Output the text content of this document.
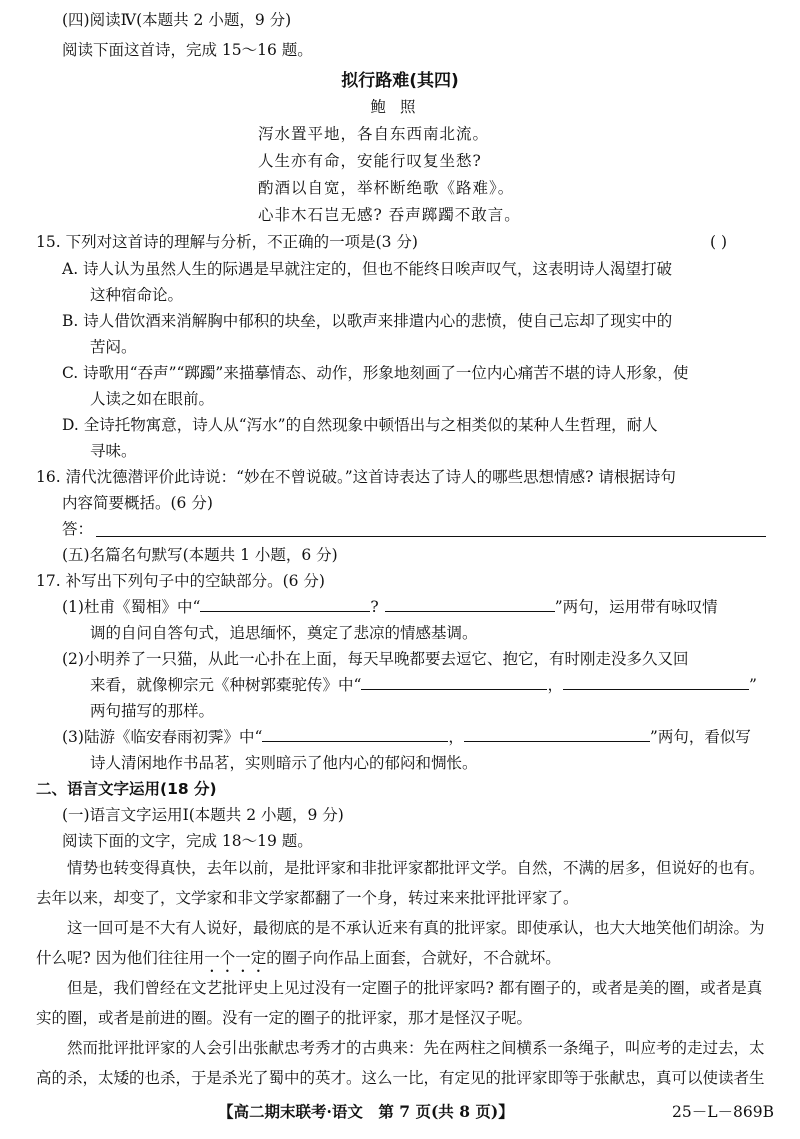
(四)阅读Ⅳ(本题共 2 小题，9 分)
阅读下面这首诗，完成 15～16 题。
拟行路难(其四)
鲍照
泻水置平地，各自东西南北流。
人生亦有命，安能行叹复坐愁?
酌酒以自宽，举杯断绝歌《路难》。
心非木石岂无感? 吞声踯躅不敢言。
15. 下列对这首诗的理解与分析，不正确的一项是(3 分)	( )
A. 诗人认为虽然人生的际遇是早就注定的，但也不能终日唉声叹气，这表明诗人渴望打破
这种宿命论。
B. 诗人借饮酒来消解胸中郁积的块垒，以歌声来排遣内心的悲愤，使自己忘却了现实中的
苦闷。
C. 诗歌用“吞声”“踯躅”来描摹情态、动作，形象地刻画了一位内心痛苦不堪的诗人形象，使
人读之如在眼前。
D. 全诗托物寓意，诗人从“泻水”的自然现象中顿悟出与之相类似的某种人生哲理，耐人
寻味。
16. 清代沈德潜评价此诗说：“妙在不曾说破。”这首诗表达了诗人的哪些思想情感? 请根据诗句
内容简要概括。(6 分)
答：
(五)名篇名句默写(本题共 1 小题，6 分)
17. 补写出下列句子中的空缺部分。(6 分)
(1)杜甫《蜀相》中“	?	”两句，运用带有咏叹情
调的自问自答句式，追思缅怀，奠定了悲凉的情感基调。
(2)小明养了一只猫，从此一心扑在上面，每天早晚都要去逗它、抱它，有时刚走没多久又回
来看，就像柳宗元《种树郭橐驼传》中“	，	”
两句描写的那样。
(3)陆游《临安春雨初霁》中“	，	”两句，看似写
诗人清闲地作书品茗，实则暗示了他内心的郁闷和惆怅。
二、语言文字运用(18 分)
(一)语言文字运用Ⅰ(本题共 2 小题，9 分)
阅读下面的文字，完成 18～19 题。
情势也转变得真快，去年以前，是批评家和非批评家都批评文学。自然，不满的居多，但说好的也有。去年以来，却变了，文学家和非文学家都翻了一个身，转过来来批评批评家了。
这一回可是不大有人说好，最彻底的是不承认近来有真的批评家。即使承认，也大大地笑他们胡涂。为什么呢? 因为他们往往用一个一定的圈子向作品上面套，合就好，不合就坏。
但是，我们曾经在文艺批评史上见过没有一定圈子的批评家吗? 都有圈子的，或者是美的圈，或者是真实的圈，或者是前进的圈。没有一定的圈子的批评家，那才是怪汉子呢。
然而批评批评家的人会引出张献忠考秀才的古典来：先在两柱之间横系一条绳子，叫应考的走过去，太高的杀，太矮的也杀，于是杀光了蜀中的英才。这么一比，有定见的批评家即等于张献忠，真可以使读者生
【高二期末联考·语文　第 7 页(共 8 页)】	25－L－869B
